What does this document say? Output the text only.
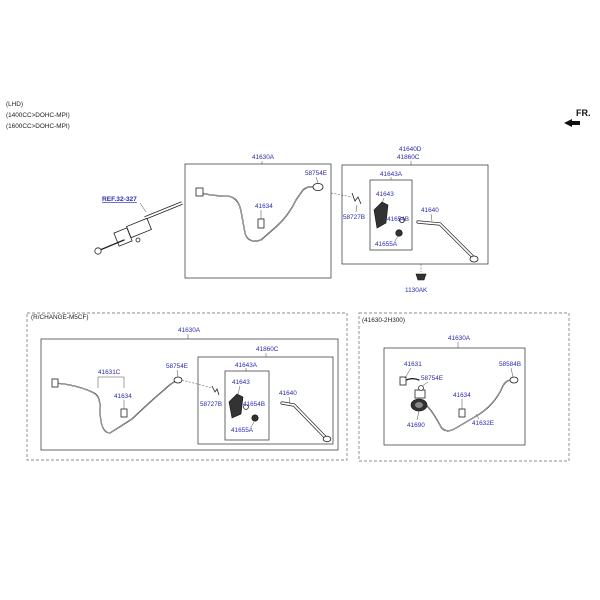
(LHD)
(1400CC>DOHC-MPI)
(1600CC>DOHC-MPI)
FR.
REF.32-327
41630A
41634
58754E
58727B
41640D
41860C
41643A
41643
41654B
41655A
41640
1130AK
(R/CHANGE-M5CF)
41630A
41631C
41634
58754E
58727B
41860C
41643A
41643
41654B
41655A
41640
(41630-2H300)
41630A
41631
58754E
58584B
41634
41690	41632E
